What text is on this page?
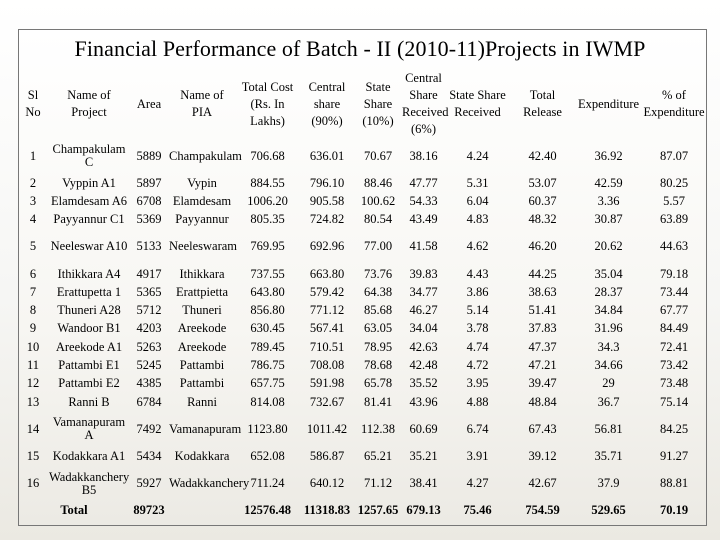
Financial Performance of Batch - II (2010-11)Projects in IWMP
Sl No	Name of Project	Area	Name of PIA	Total Cost (Rs. In Lakhs)	Central share (90%)	State Share (10%)	Central Share Received (6%)	State Share Received	Total Release	Expenditure	% of Expenditure
1	Champakulam C	5889	Champakulam	706.68	636.01	70.67	38.16	4.24	42.40	36.92	87.07
2	Vyppin A1	5897	Vypin	884.55	796.10	88.46	47.77	5.31	53.07	42.59	80.25
3	Elamdesam A6	6708	Elamdesam	1006.20	905.58	100.62	54.33	6.04	60.37	3.36	5.57
4	Payyannur C1	5369	Payyannur	805.35	724.82	80.54	43.49	4.83	48.32	30.87	63.89
5	Neeleswar A10	5133	Neeleswaram	769.95	692.96	77.00	41.58	4.62	46.20	20.62	44.63
6	Ithikkara A4	4917	Ithikkara	737.55	663.80	73.76	39.83	4.43	44.25	35.04	79.18
7	Erattupetta 1	5365	Erattpietta	643.80	579.42	64.38	34.77	3.86	38.63	28.37	73.44
8	Thuneri A28	5712	Thuneri	856.80	771.12	85.68	46.27	5.14	51.41	34.84	67.77
9	Wandoor B1	4203	Areekode	630.45	567.41	63.05	34.04	3.78	37.83	31.96	84.49
10	Areekode A1	5263	Areekode	789.45	710.51	78.95	42.63	4.74	47.37	34.3	72.41
11	Pattambi E1	5245	Pattambi	786.75	708.08	78.68	42.48	4.72	47.21	34.66	73.42
12	Pattambi E2	4385	Pattambi	657.75	591.98	65.78	35.52	3.95	39.47	29	73.48
13	Ranni B	6784	Ranni	814.08	732.67	81.41	43.96	4.88	48.84	36.7	75.14
14	Vamanapuram A	7492	Vamanapuram	1123.80	1011.42	112.38	60.69	6.74	67.43	56.81	84.25
15	Kodakkara A1	5434	Kodakkara	652.08	586.87	65.21	35.21	3.91	39.12	35.71	91.27
16	Wadakkanchery B5	5927	Wadakkanchery	711.24	640.12	71.12	38.41	4.27	42.67	37.9	88.81
Total		89723		12576.48	11318.83	1257.65	679.13	75.46	754.59	529.65	70.19
